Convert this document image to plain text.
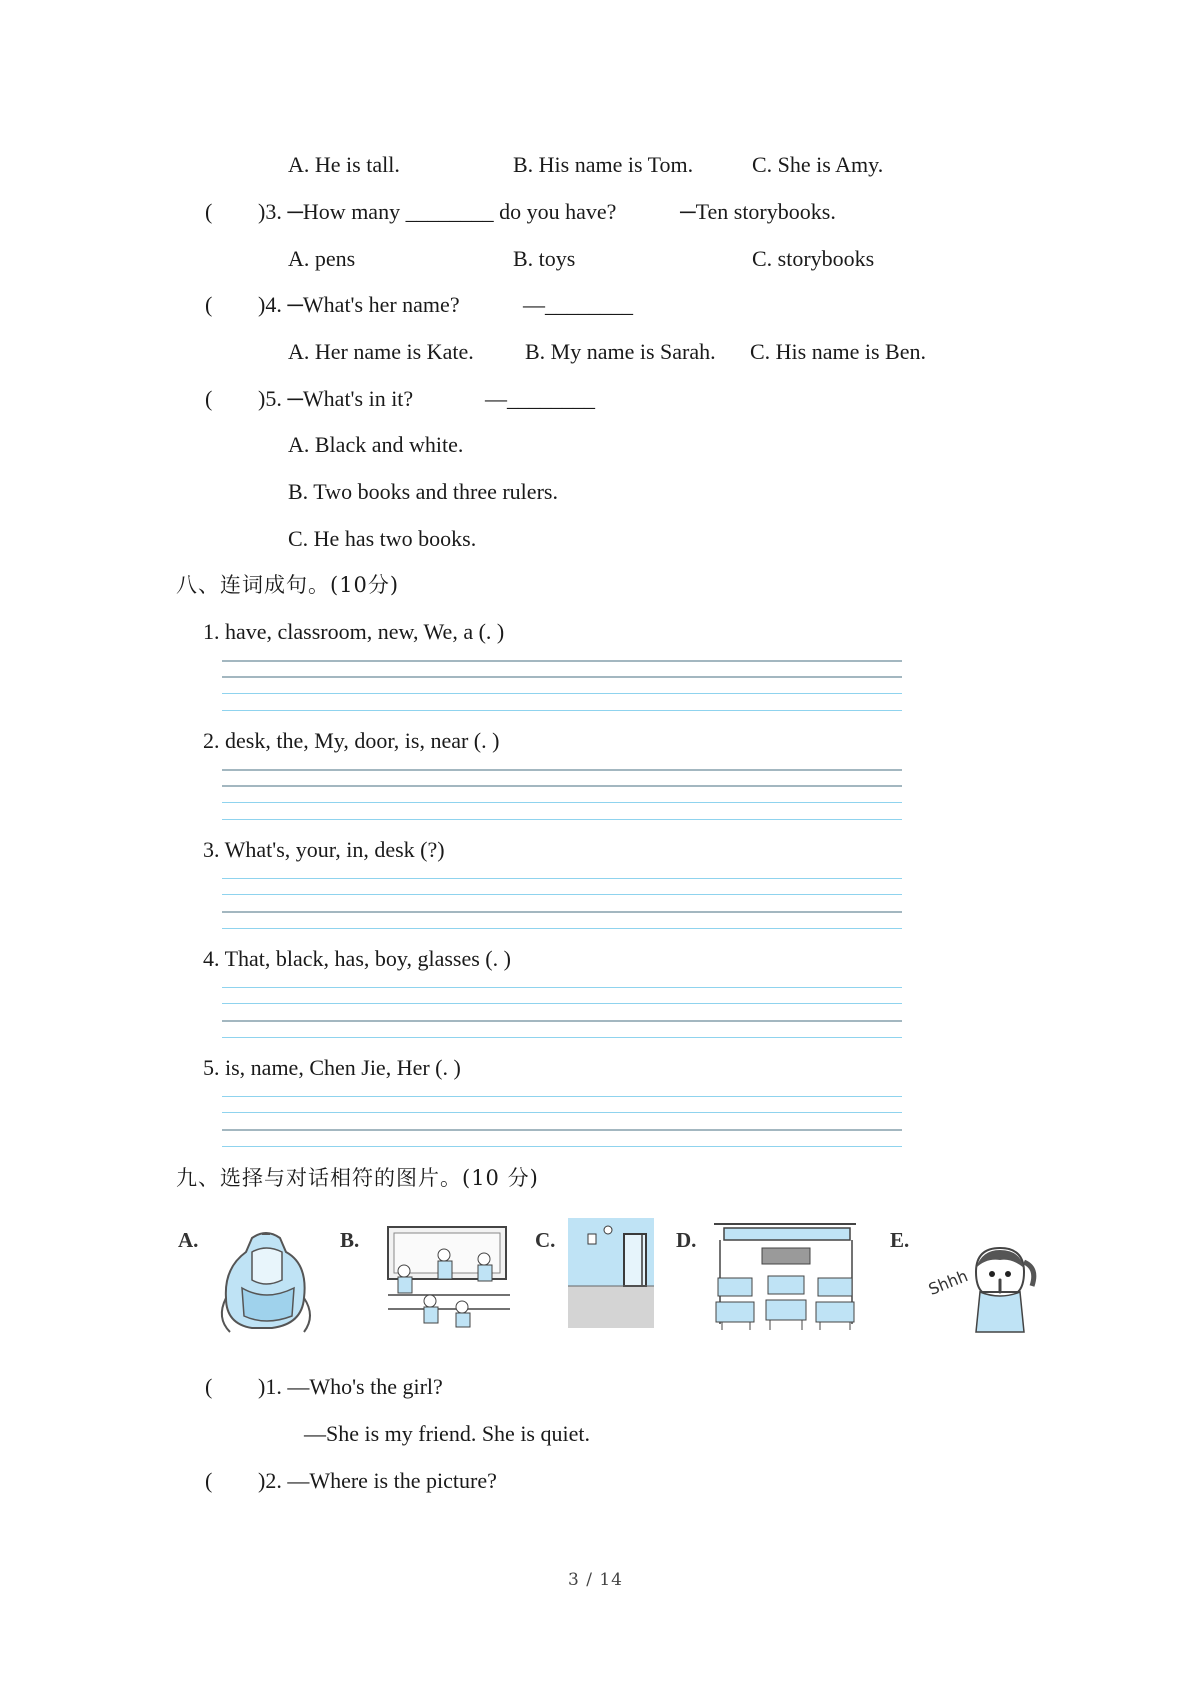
A. He is tall.	B. His name is Tom.	C. She is Amy.
( )3. ─How many ________ do you have?	─Ten storybooks.
A. pens	B. toys	C. storybooks
( )4. ─What's her name?	—________
A. Her name is Kate. B. My name is Sarah. C. His name is Ben.
( )5. ─What's in it?	—________
A. Black and white.
B. Two books and three rulers.
C. He has two books.
八、连词成句。(10分)
1. have, classroom, new, We, a (. )
2. desk, the, My, door, is, near (. )
3. What's, your, in, desk (?)
4. That, black, has, boy, glasses (. )
5. is, name, Chen Jie, Her (. )
九、选择与对话相符的图片。(10 分)
A.	B.	C.	D.	E.
Shhh
( )1. —Who's the girl?
—She is my friend. She is quiet.
( )2. —Where is the picture?
3 / 14
